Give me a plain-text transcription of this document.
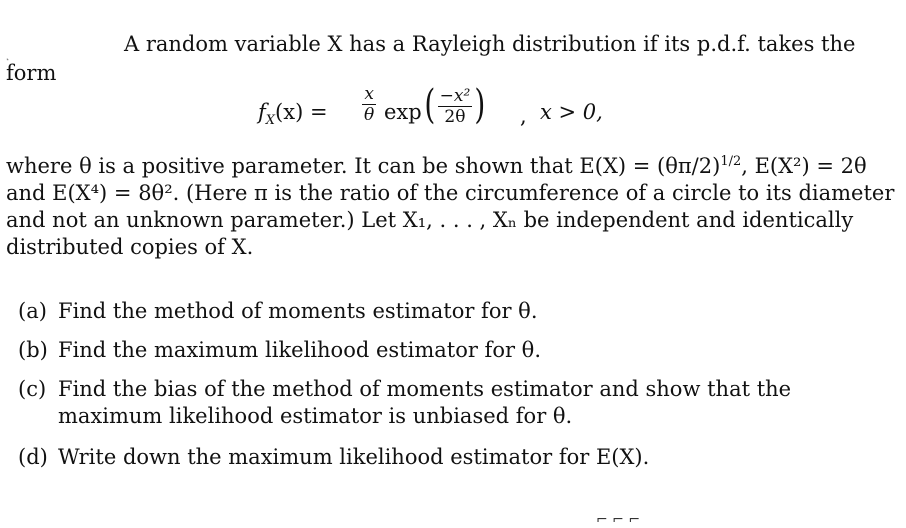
˻	A random variable X has a Rayleigh distribution if its p.d.f. takes the
form
$f_X(x) = \frac{x}{\theta}$ exp ( $\frac{\text{−x²}}{2\theta}$ ) , x > 0,
where θ is a positive parameter. It can be shown that $E(X) = (\theta\pi/2)^{1/2}$, E(X²) = 2θ
and E(X⁴) = 8θ². (Here π is the ratio of the circumference of a circle to its diameter
and not an unknown parameter.) Let X₁, . . . , Xₙ be independent and identically
distributed copies of X.
(a) Find the method of moments estimator for θ.
(b) Find the maximum likelihood estimator for θ.
(c) Find the bias of the method of moments estimator and show that the maximum likelihood estimator is unbiased for θ.
(d) Write down the maximum likelihood estimator for E(X).
⌐ ⌐ ⌐
